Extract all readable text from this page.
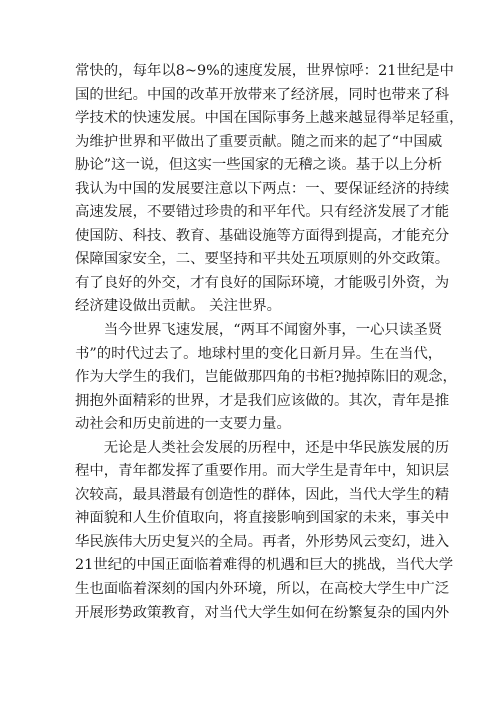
常快的，每年以8~9%的速度发展，世界惊呼：21世纪是中
国的世纪。中国的改革开放带来了经济展，同时也带来了科
学技术的快速发展。中国在国际事务上越来越显得举足轻重，
为维护世界和平做出了重要贡献。随之而来的起了“中国威
胁论”这一说，但这实一些国家的无稽之谈。基于以上分析
我认为中国的发展要注意以下两点：一、要保证经济的持续
高速发展，不要错过珍贵的和平年代。只有经济发展了才能
使国防、科技、教育、基础设施等方面得到提高，才能充分
保障国家安全，二、要坚持和平共处五项原则的外交政策。
有了良好的外交，才有良好的国际环境，才能吸引外资，为
经济建设做出贡献。 关注世界。
　　当今世界飞速发展，“两耳不闻窗外事，一心只读圣贤
书”的时代过去了。地球村里的变化日新月异。生在当代，
作为大学生的我们，岂能做那四角的书柜?抛掉陈旧的观念，
拥抱外面精彩的世界，才是我们应该做的。其次，青年是推
动社会和历史前进的一支要力量。
　　无论是人类社会发展的历程中，还是中华民族发展的历
程中，青年都发挥了重要作用。而大学生是青年中，知识层
次较高，最具潜最有创造性的群体，因此，当代大学生的精
神面貌和人生价值取向，将直接影响到国家的未来，事关中
华民族伟大历史复兴的全局。再者，外形势风云变幻，进入
21世纪的中国正面临着难得的机遇和巨大的挑战，当代大学
生也面临着深刻的国内外环境，所以，在高校大学生中广泛
开展形势政策教育，对当代大学生如何在纷繁复杂的国内外
